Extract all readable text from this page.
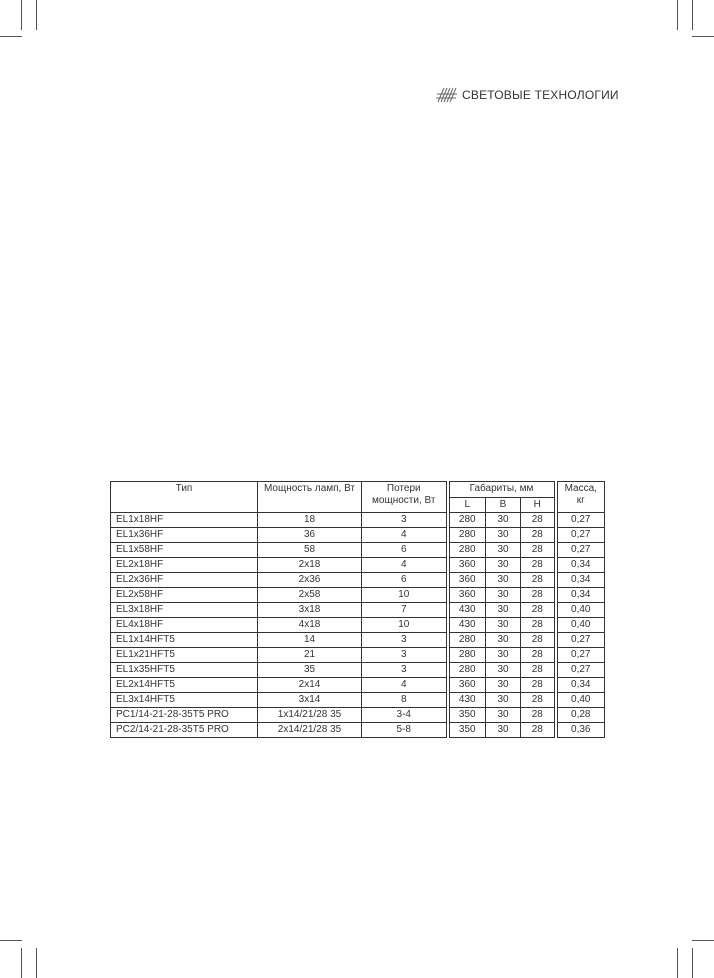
СВЕТОВЫЕ ТЕХНОЛОГИИ
Тип	Мощность ламп, Вт	Потери мощности, Вт	Габариты, мм			Масса, кг
			L	B	H	
EL1x18HF	18	3	280	30	28	0,27
EL1x36HF	36	4	280	30	28	0,27
EL1x58HF	58	6	280	30	28	0,27
EL2x18HF	2x18	4	360	30	28	0,34
EL2x36HF	2x36	6	360	30	28	0,34
EL2x58HF	2x58	10	360	30	28	0,34
EL3x18HF	3x18	7	430	30	28	0,40
EL4x18HF	4x18	10	430	30	28	0,40
EL1x14HFT5	14	3	280	30	28	0,27
EL1x21HFT5	21	3	280	30	28	0,27
EL1x35HFT5	35	3	280	30	28	0,27
EL2x14HFT5	2x14	4	360	30	28	0,34
EL3x14HFT5	3x14	8	430	30	28	0,40
PC1/14-21-28-35T5 PRO	1x14/21/28 35	3-4	350	30	28	0,28
PC2/14-21-28-35T5 PRO	2x14/21/28 35	5-8	350	30	28	0,36
